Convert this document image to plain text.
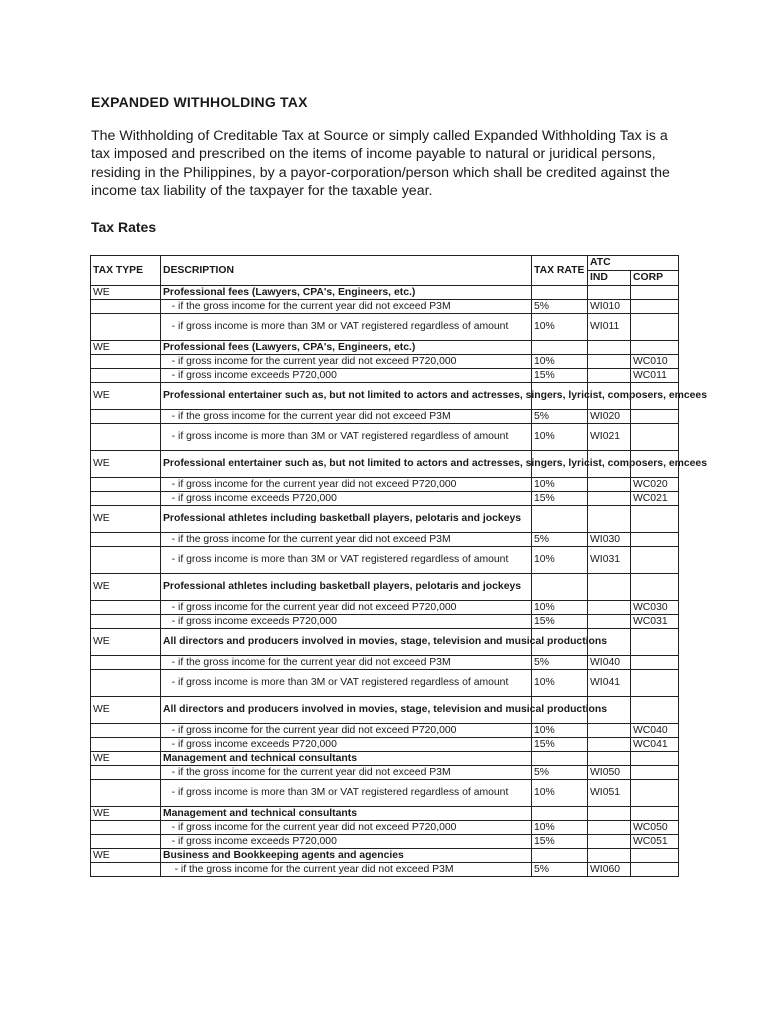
EXPANDED WITHHOLDING TAX

The Withholding of Creditable Tax at Source or simply called Expanded Withholding Tax is a tax imposed and prescribed on the items of income payable to natural or juridical persons, residing in the Philippines, by a payor-corporation/person which shall be credited against the income tax liability of the taxpayer for the taxable year.

Tax Rates
TAX TYPE	DESCRIPTION	TAX RATE	ATC	
			IND	CORP
WE	Professional fees (Lawyers, CPA's, Engineers, etc.)			
	- if the gross income for the current year did not exceed P3M	5%	WI010	
	- if gross income is more than 3M or VAT registered regardless of amount	10%	WI011	
WE	Professional fees (Lawyers, CPA's, Engineers, etc.)			
	- if gross income for the current year did not exceed P720,000	10%		WC010
	- if gross income exceeds P720,000	15%		WC011
WE	Professional entertainer such as, but not limited to actors and actresses, singers, lyricist, composers, emcees			
	- if the gross income for the current year did not exceed P3M	5%	WI020	
	- if gross income is more than 3M or VAT registered regardless of amount	10%	WI021	
WE	Professional entertainer such as, but not limited to actors and actresses, singers, lyricist, composers, emcees			
	- if gross income for the current year did not exceed P720,000	10%		WC020
	- if gross income exceeds P720,000	15%		WC021
WE	Professional athletes including basketball players, pelotaris and jockeys			
	- if the gross income for the current year did not exceed P3M	5%	WI030	
	- if gross income is more than 3M or VAT registered regardless of amount	10%	WI031	
WE	Professional athletes including basketball players, pelotaris and jockeys			
	- if gross income for the current year did not exceed P720,000	10%		WC030
	- if gross income exceeds P720,000	15%		WC031
WE	All directors and producers involved in movies, stage, television and musical productions			
	- if the gross income for the current year did not exceed P3M	5%	WI040	
	- if gross income is more than 3M or VAT registered regardless of amount	10%	WI041	
WE	All directors and producers involved in movies, stage, television and musical productions			
	- if gross income for the current year did not exceed P720,000	10%		WC040
	- if gross income exceeds P720,000	15%		WC041
WE	Management and technical consultants			
	- if the gross income for the current year did not exceed P3M	5%	WI050	
	- if gross income is more than 3M or VAT registered regardless of amount	10%	WI051	
WE	Management and technical consultants			
	- if gross income for the current year did not exceed P720,000	10%		WC050
	- if gross income exceeds P720,000	15%		WC051
WE	Business and Bookkeeping agents and agencies			
	- if the gross income for the current year did not exceed P3M	5%	WI060	
